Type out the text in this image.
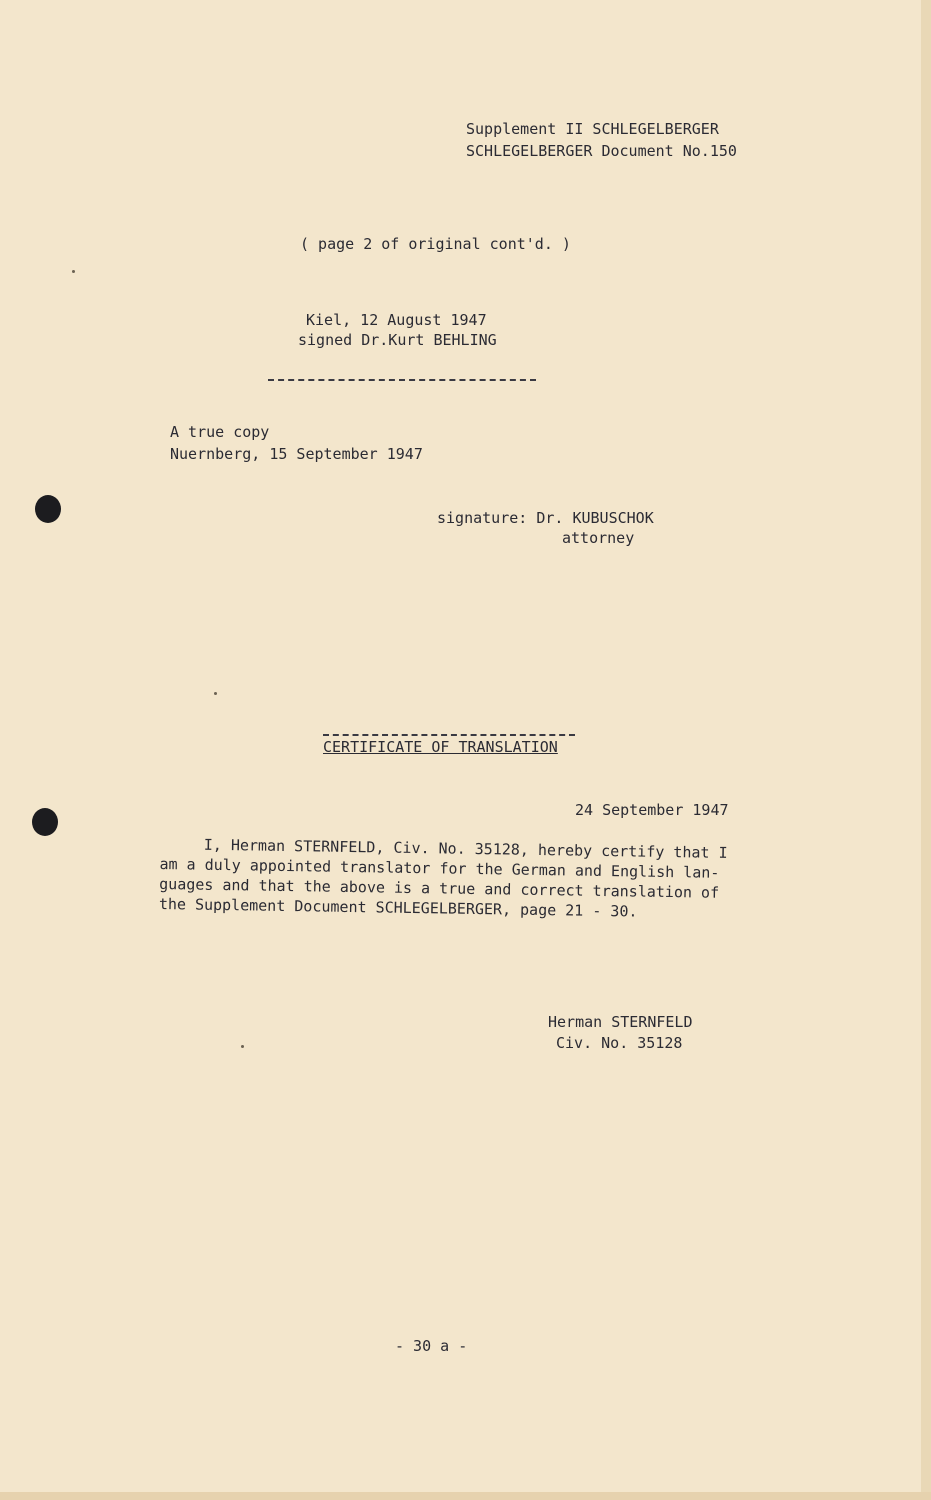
Supplement II SCHLEGELBERGER
SCHLEGELBERGER Document No.150
( page 2 of original cont'd. )
Kiel, 12 August 1947
signed Dr.Kurt BEHLING
A true copy
Nuernberg, 15 September 1947
signature: Dr. KUBUSCHOK
attorney
CERTIFICATE OF TRANSLATION
24 September 1947
I, Herman STERNFELD, Civ. No. 35128, hereby certify that I
am a duly appointed translator for the German and English lan-
guages and that the above is a true and correct translation of
the Supplement Document SCHLEGELBERGER, page 21 - 30.
Herman STERNFELD
Civ. No. 35128
- 30 a -
